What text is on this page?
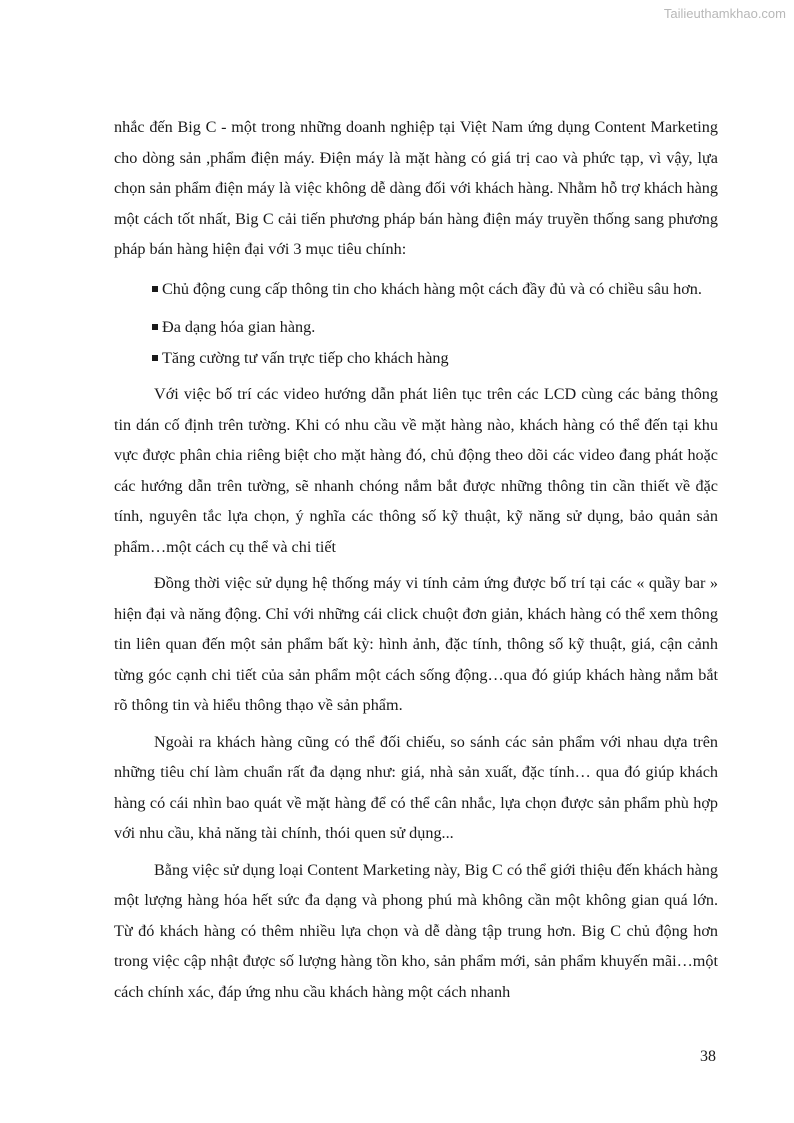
Tailieuthamkhao.com

nhắc đến Big C - một trong những doanh nghiệp tại Việt Nam ứng dụng Content Marketing cho dòng sản ,phẩm điện máy. Điện máy là mặt hàng có giá trị cao và phức tạp, vì vậy, lựa chọn sản phẩm điện máy là việc không dễ dàng đối với khách hàng. Nhằm hỗ trợ khách hàng một cách tốt nhất, Big C cải tiến phương pháp bán hàng điện máy truyền thống sang phương pháp bán hàng hiện đại với 3 mục tiêu chính:

Chủ động cung cấp thông tin cho khách hàng một cách đầy đủ và có chiều sâu hơn.
Đa dạng hóa gian hàng.
Tăng cường tư vấn trực tiếp cho khách hàng

Với việc bố trí các video hướng dẫn phát liên tục trên các LCD cùng các bảng thông tin dán cố định trên tường. Khi có nhu cầu về mặt hàng nào, khách hàng có thể đến tại khu vực được phân chia riêng biệt cho mặt hàng đó, chủ động theo dõi các video đang phát hoặc các hướng dẫn trên tường, sẽ nhanh chóng nắm bắt được những thông tin cần thiết về đặc tính, nguyên tắc lựa chọn, ý nghĩa các thông số kỹ thuật, kỹ năng sử dụng, bảo quản sản phẩm…một cách cụ thể và chi tiết

Đồng thời việc sử dụng hệ thống máy vi tính cảm ứng được bố trí tại các « quầy bar » hiện đại và năng động. Chỉ với những cái click chuột đơn giản, khách hàng có thể xem thông tin liên quan đến một sản phẩm bất kỳ: hình ảnh, đặc tính, thông số kỹ thuật, giá, cận cảnh từng góc cạnh chi tiết của sản phẩm một cách sống động…qua đó giúp khách hàng nắm bắt rõ thông tin và hiểu thông thạo về sản phẩm.

Ngoài ra khách hàng cũng có thể đối chiếu, so sánh các sản phẩm với nhau dựa trên những tiêu chí làm chuẩn rất đa dạng như: giá, nhà sản xuất, đặc tính… qua đó giúp khách hàng có cái nhìn bao quát về mặt hàng để có thể cân nhắc, lựa chọn được sản phẩm phù hợp với nhu cầu, khả năng tài chính, thói quen sử dụng...

Bằng việc sử dụng loại Content Marketing này, Big C có thể giới thiệu đến khách hàng một lượng hàng hóa hết sức đa dạng và phong phú mà không cần một không gian quá lớn. Từ đó khách hàng có thêm nhiều lựa chọn và dễ dàng tập trung hơn. Big C chủ động hơn trong việc cập nhật được số lượng hàng tồn kho, sản phẩm mới, sản phẩm khuyến mãi…một cách chính xác, đáp ứng nhu cầu khách hàng một cách nhanh

38
